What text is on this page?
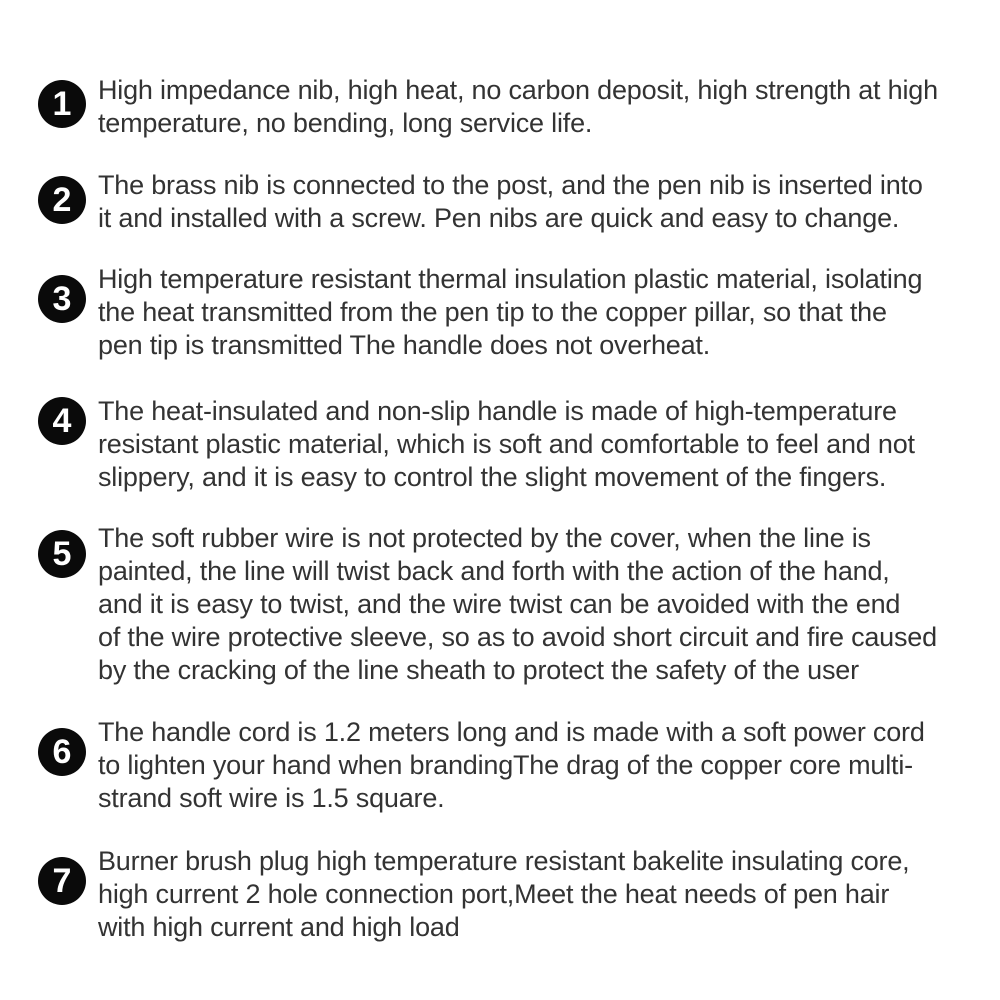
1 High impedance nib, high heat, no carbon deposit, high strength at high
temperature, no bending, long service life.
2 The brass nib is connected to the post, and the pen nib is inserted into
it and installed with a screw. Pen nibs are quick and easy to change.
3
High temperature resistant thermal insulation plastic material, isolating
the heat transmitted from the pen tip to the copper pillar, so that the
pen tip is transmitted The handle does not overheat.
4 The heat-insulated and non-slip handle is made of high-temperature
resistant plastic material, which is soft and comfortable to feel and not
slippery, and it is easy to control the slight movement of the fingers.
5 The soft rubber wire is not protected by the cover, when the line is
painted, the line will twist back and forth with the action of the hand,
and it is easy to twist, and the wire twist can be avoided with the end
of the wire protective sleeve, so as to avoid short circuit and fire caused
by the cracking of the line sheath to protect the safety of the user
6
The handle cord is 1.2 meters long and is made with a soft power cord
to lighten your hand when brandingThe drag of the copper core multi-
strand soft wire is 1.5 square.
7
Burner brush plug high temperature resistant bakelite insulating core,
high current 2 hole connection port,Meet the heat needs of pen hair
with high current and high load
